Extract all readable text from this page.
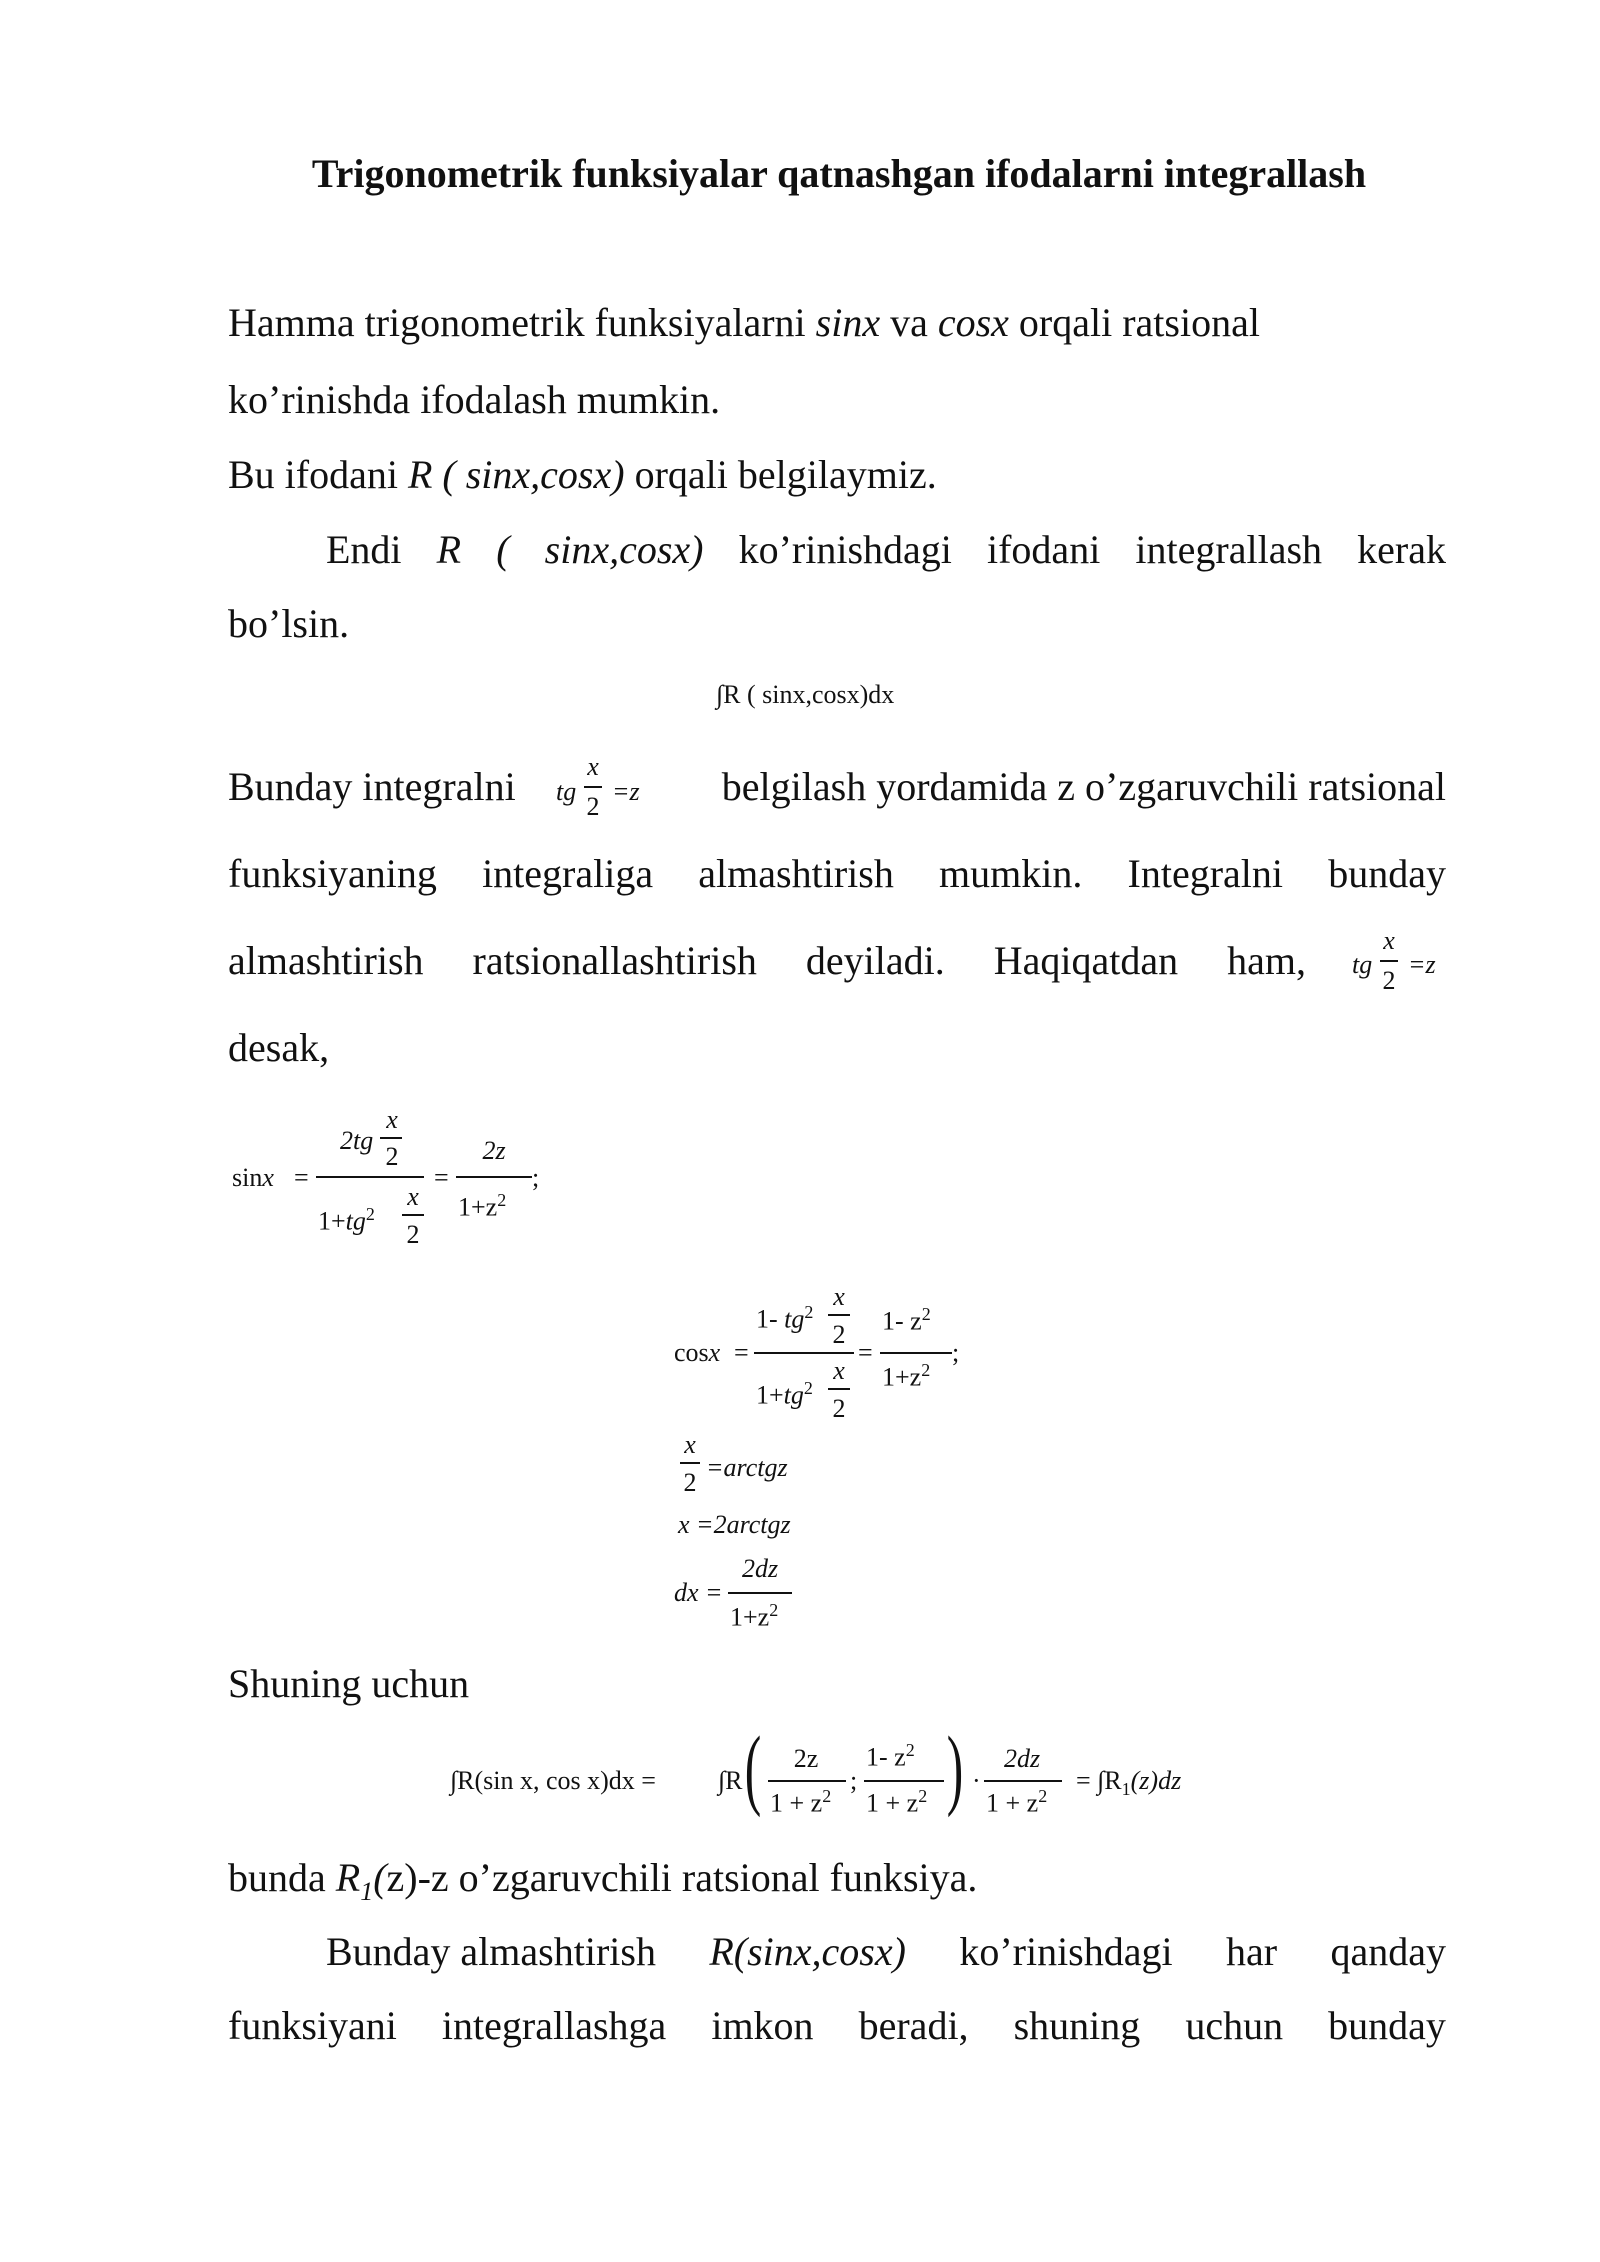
Trigonometrik funksiyalar qatnashgan ifodalarni integrallash
Hamma trigonometrik funksiyalarni sinx va cosx orqali ratsional
ko’rinishda ifodalash mumkin.
Bu ifodani R ( sinx,cosx) orqali belgilaymiz.
Endi R ( sinx,cosx) ko’rinishdagi ifodani integrallash kerak
bo’lsin.
∫R ( sinx,cosx)dx
Bunday integralni tg
x
2
=z	belgilash yordamida z o’zgaruvchili ratsional
funksiyaning integraliga almashtirish mumkin. Integralni bunday
almashtirish ratsionallashtirish deyiladi. Haqiqatdan ham, tg
x
2
=z
desak,
sinx =
2tg
x
2
$1+tg^2$
x
2
=
2z
$1+z^2$
;
cosx =
1- $tg^2$
x
2
$1+tg^2$
x
2
=
1- $z^2$
$1+z^2$
;
x
2
=arctgz
x =2arctgz
dx =
2dz
$1+z^2$
Shuning uchun
∫R(sin x, cos x)dx = ∫R (	2z
$1 + z^2$
;
1- $z^2$
$1 + z^2$ ) ·
2dz
$1 + z^2$
= $\int R_1(z)dz$
bunda $R_1(z)-z$ o’zgaruvchili ratsional funksiya.
Bunday almashtirish R(sinx,cosx) ko’rinishdagi har qanday
funksiyani integrallashga imkon beradi, shuning uchun bunday
